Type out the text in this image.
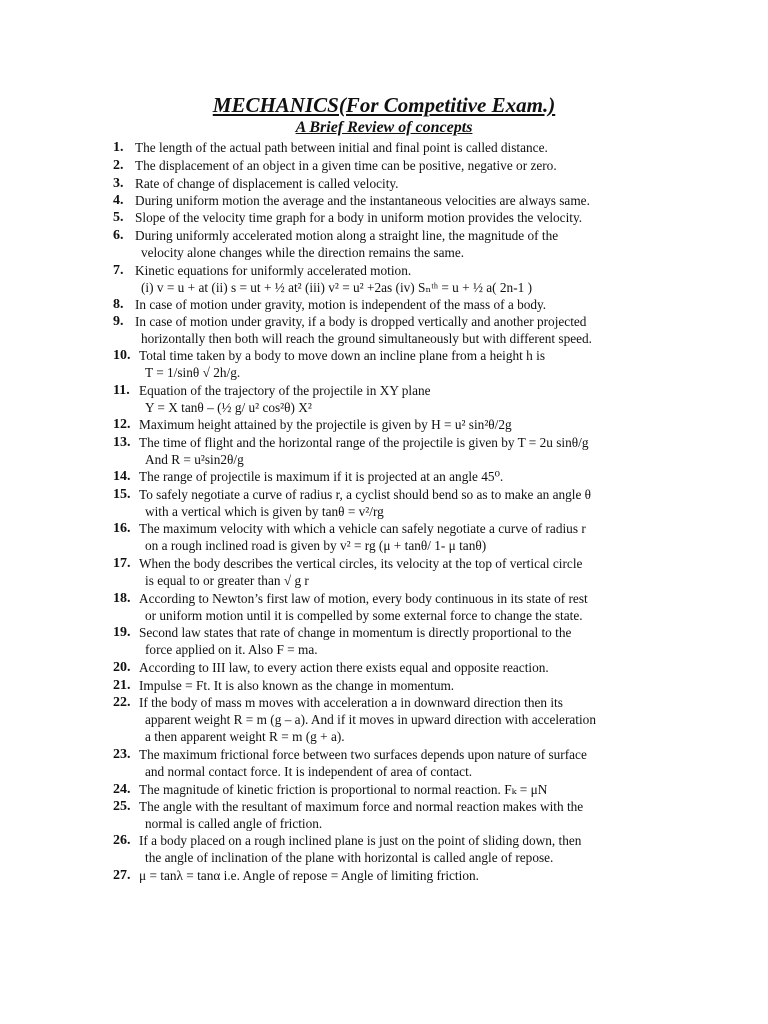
MECHANICS(For Competitive Exam.)
A Brief Review of concepts
1. The length of the actual path between initial and final point is called distance.
2. The displacement of an object in a given time can be positive, negative or zero.
3. Rate of change of displacement is called velocity.
4. During uniform motion the average and the instantaneous velocities are always same.
5. Slope of the velocity time graph for a body in uniform motion provides the velocity.
6. During uniformly accelerated motion along a straight line, the magnitude of the
velocity alone changes while the direction remains the same.
7. Kinetic equations for uniformly accelerated motion.
(i) v = u + at (ii) s = ut + ½ at² (iii) v² = u² +2as (iv) Sₙᵗʰ = u + ½ a( 2n-1 )
8. In case of motion under gravity, motion is independent of the mass of a body.
9. In case of motion under gravity, if a body is dropped vertically and another projected
horizontally then both will reach the ground simultaneously but with different speed.
10. Total time taken by a body to move down an incline plane from a height h is
T = 1/sinθ √ 2h/g.
11. Equation of the trajectory of the projectile in XY plane
Y = X tanθ – (½ g/ u² cos²θ) X²
12. Maximum height attained by the projectile is given by H = u² sin²θ/2g
13. The time of flight and the horizontal range of the projectile is given by T = 2u sinθ/g
And R = u²sin2θ/g
14. The range of projectile is maximum if it is projected at an angle 45⁰.
15. To safely negotiate a curve of radius r, a cyclist should bend so as to make an angle θ
with a vertical which is given by tanθ = v²/rg
16. The maximum velocity with which a vehicle can safely negotiate a curve of radius r
on a rough inclined road is given by v² = rg (μ + tanθ/ 1- μ tanθ)
17. When the body describes the vertical circles, its velocity at the top of vertical circle
is equal to or greater than √ g r
18. According to Newton’s first law of motion, every body continuous in its state of rest
or uniform motion until it is compelled by some external force to change the state.
19. Second law states that rate of change in momentum is directly proportional to the
force applied on it. Also F = ma.
20. According to III law, to every action there exists equal and opposite reaction.
21. Impulse = Ft. It is also known as the change in momentum.
22. If the body of mass m moves with acceleration a in downward direction then its
apparent weight R = m (g – a). And if it moves in upward direction with acceleration
a then apparent weight R = m (g + a).
23. The maximum frictional force between two surfaces depends upon nature of surface
and normal contact force. It is independent of area of contact.
24. The magnitude of kinetic friction is proportional to normal reaction. Fₖ = μN
25. The angle with the resultant of maximum force and normal reaction makes with the
normal is called angle of friction.
26. If a body placed on a rough inclined plane is just on the point of sliding down, then
the angle of inclination of the plane with horizontal is called angle of repose.
27. μ = tanλ = tanα i.e. Angle of repose = Angle of limiting friction.
